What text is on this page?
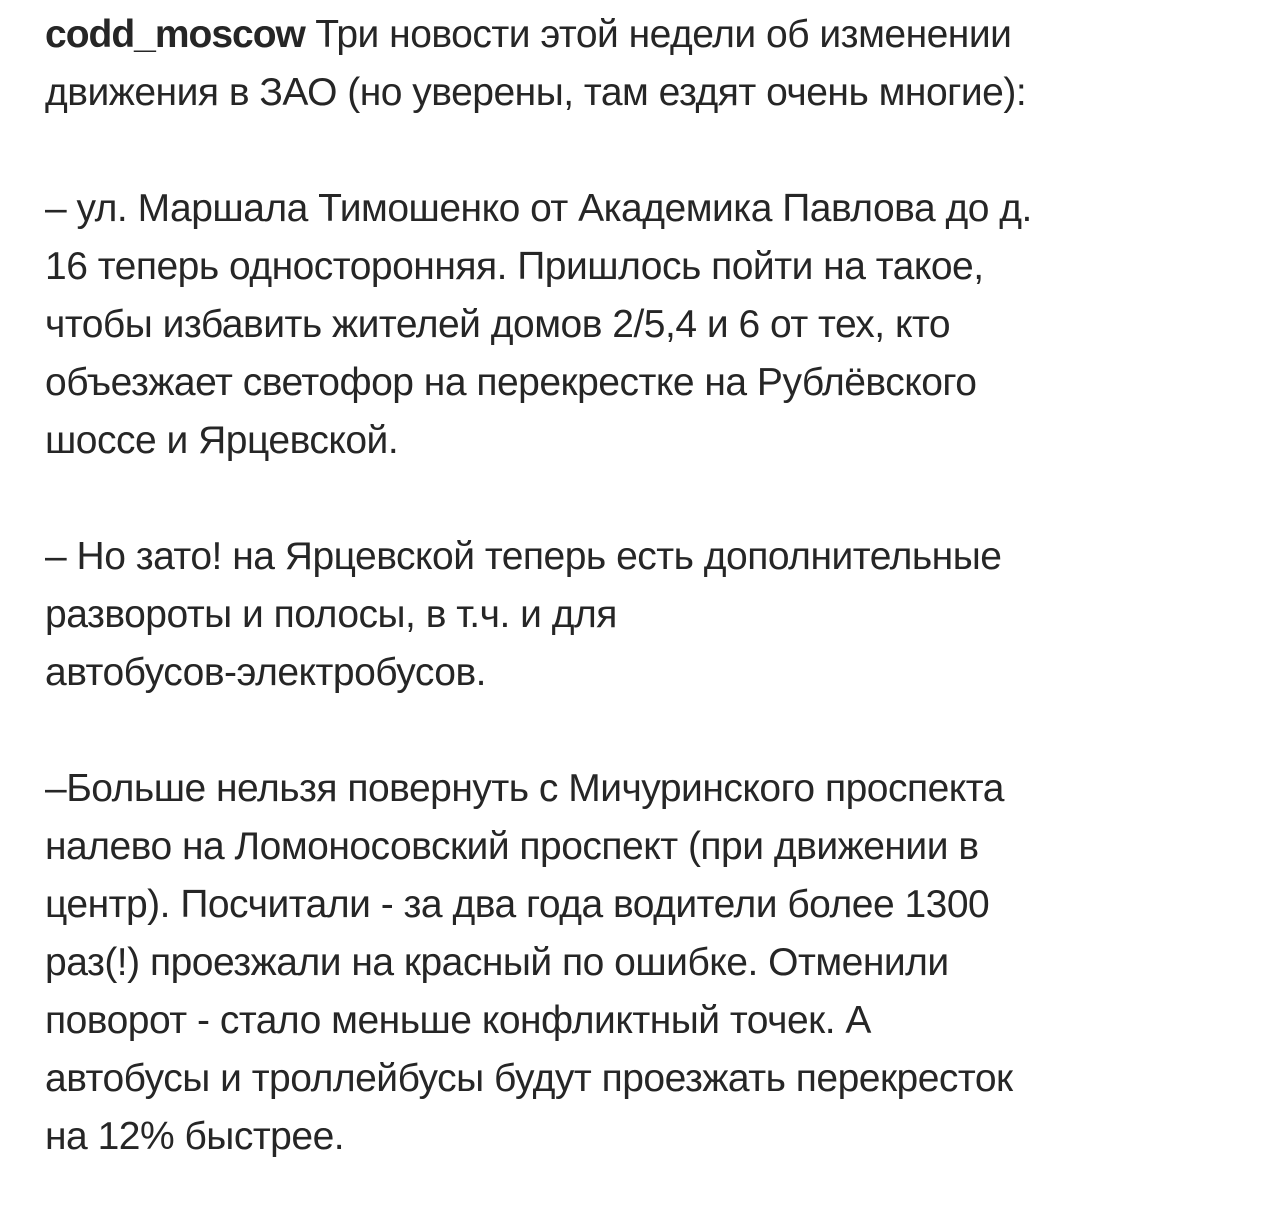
codd_moscow Три новости этой недели об изменении
движения в ЗАО (но уверены, там ездят очень многие):

– ул. Маршала Тимошенко от Академика Павлова до д.
16 теперь односторонняя. Пришлось пойти на такое,
чтобы избавить жителей домов 2/5,4 и 6 от тех, кто
объезжает светофор на перекрестке на Рублёвского
шоссе и Ярцевской.

– Но зато! на Ярцевской теперь есть дополнительные
развороты и полосы, в т.ч. и для
автобусов-электробусов.

–Больше нельзя повернуть с Мичуринского проспекта
налево на Ломоносовский проспект (при движении в
центр). Посчитали - за два года водители более 1300
раз(!) проезжали на красный по ошибке. Отменили
поворот - стало меньше конфликтный точек. А
автобусы и троллейбусы будут проезжать перекресток
на 12% быстрее.
